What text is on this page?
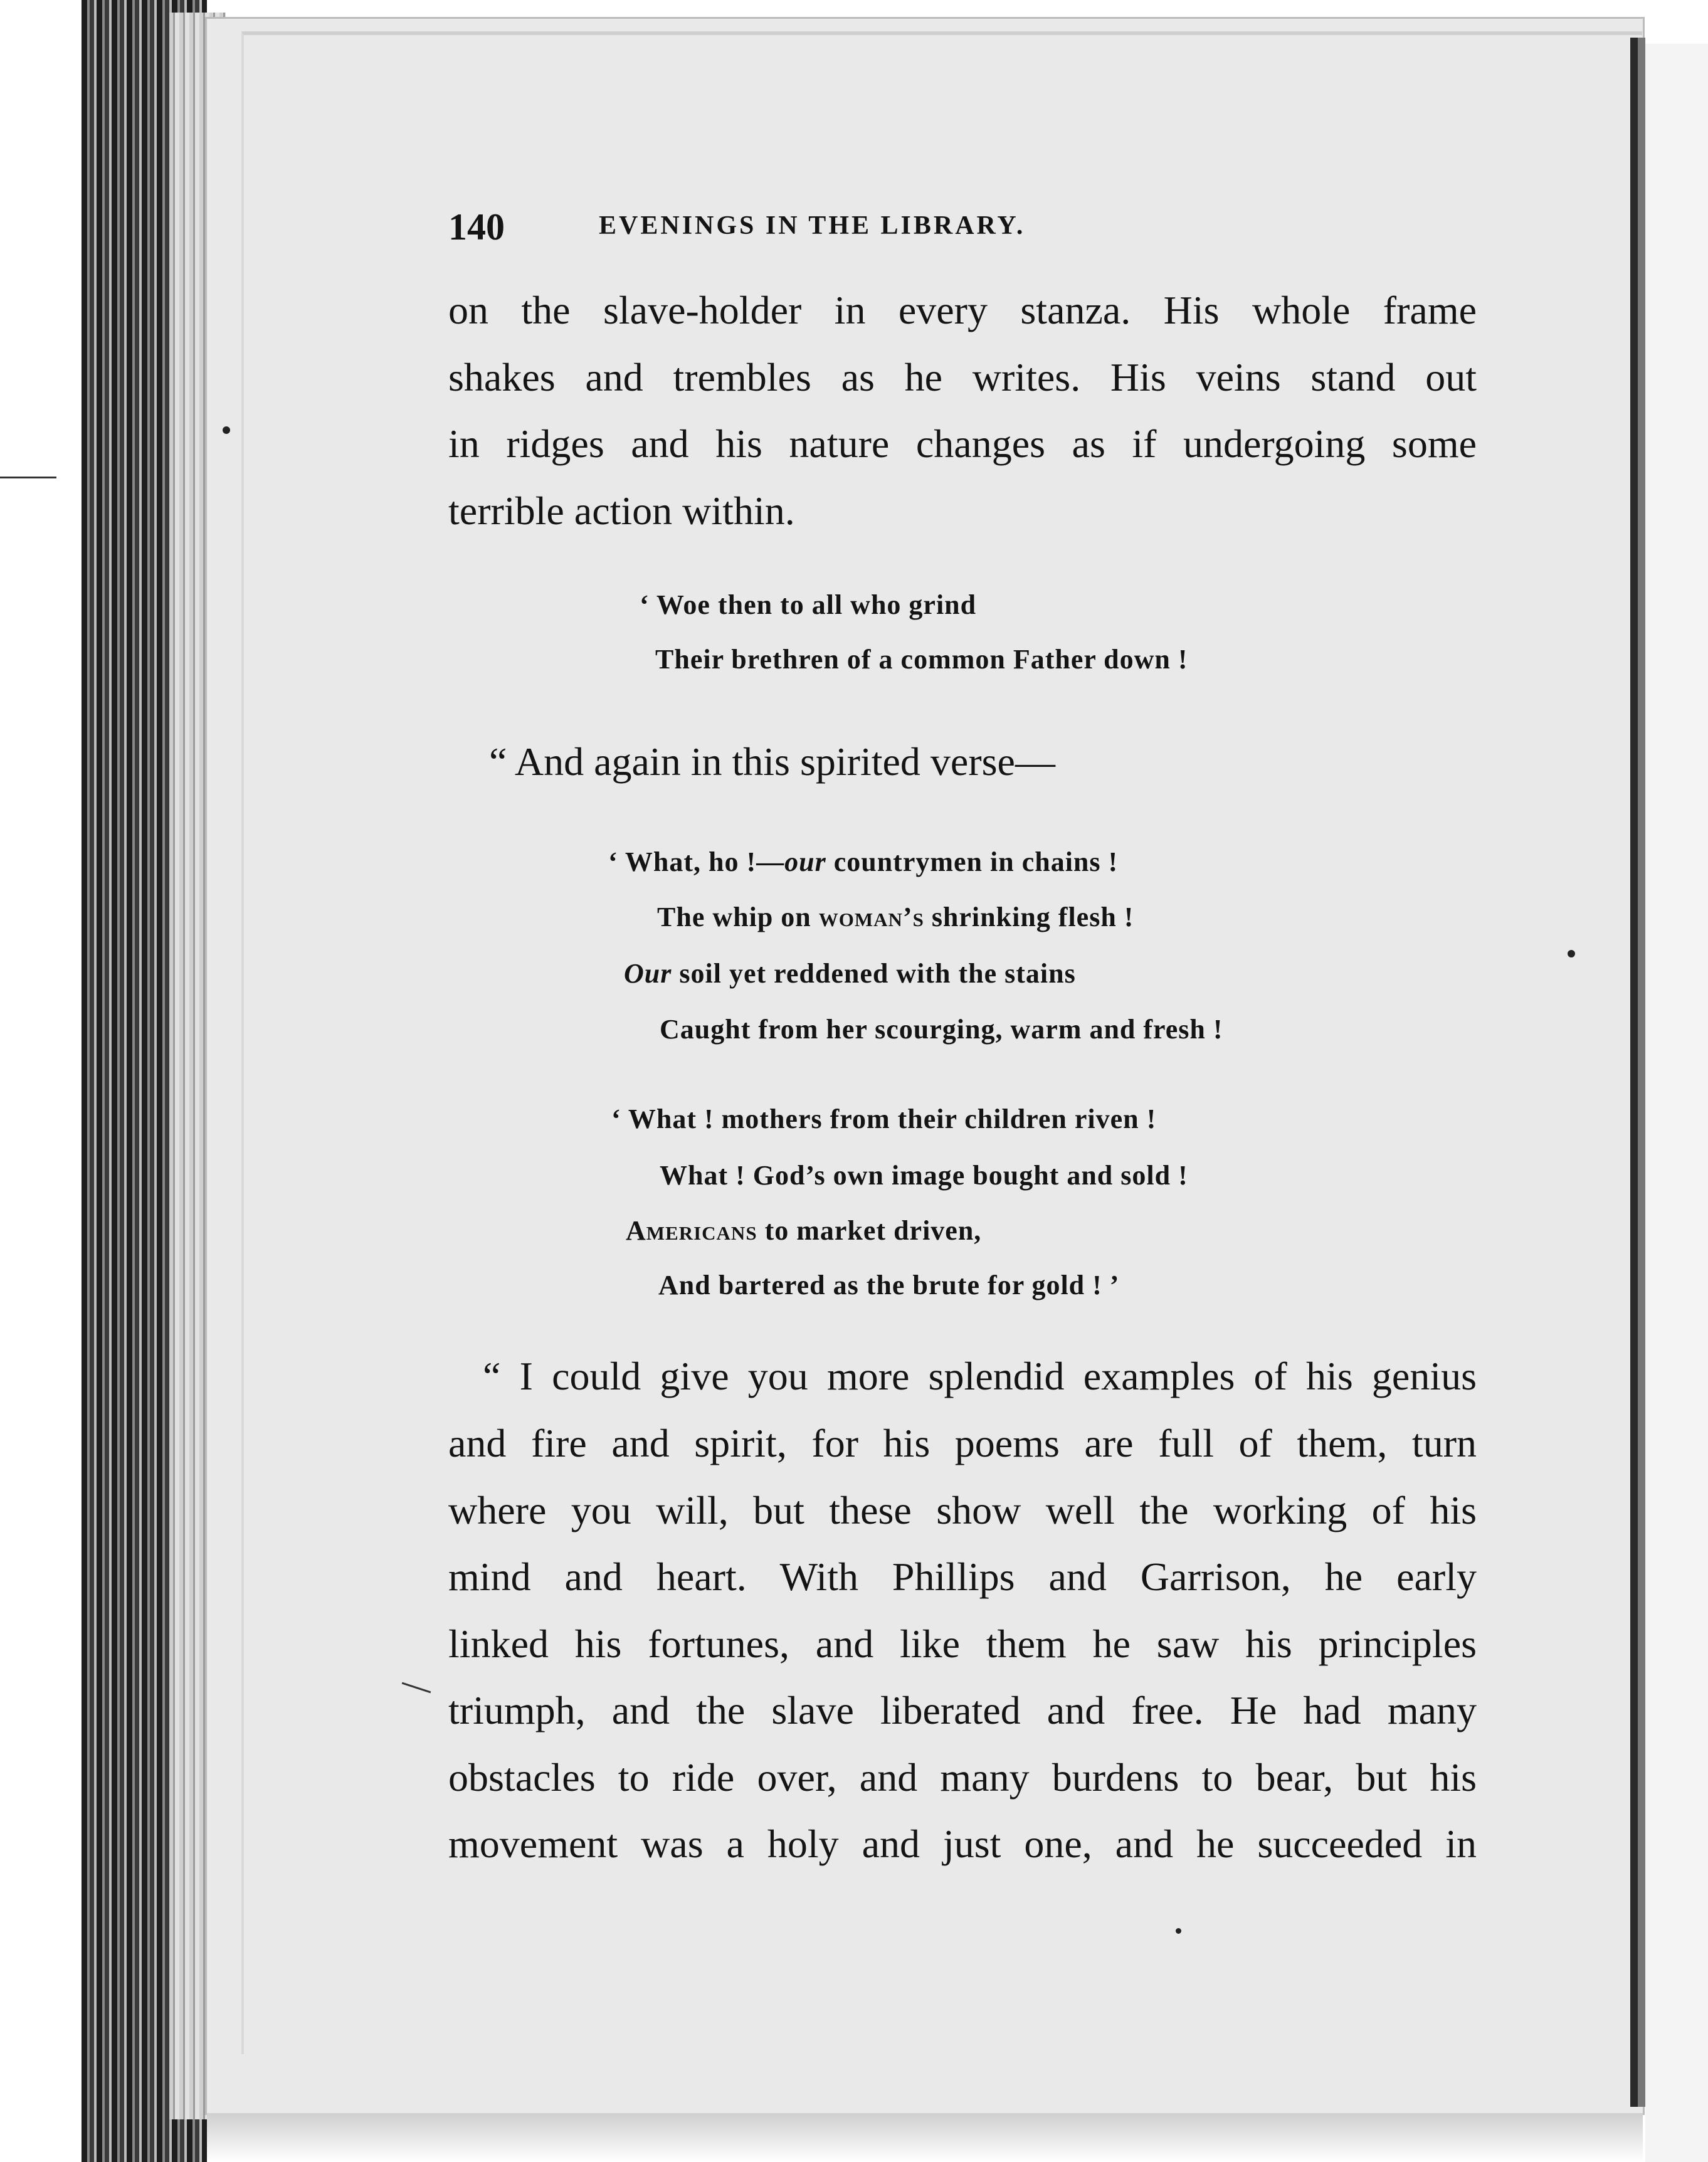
140	EVENINGS IN THE LIBRARY.
on the slave-holder in every stanza. His whole frame
shakes and trembles as he writes. His veins stand out
in ridges and his nature changes as if undergoing some
terrible action within.
‘ Woe then to all who grind
Their brethren of a common Father down !
“ And again in this spirited verse—
‘ What, ho !—our countrymen in chains !
The whip on woman’s shrinking flesh !
Our soil yet reddened with the stains
Caught from her scourging, warm and fresh !
‘ What ! mothers from their children riven !
What ! God’s own image bought and sold !
Americans to market driven,
And bartered as the brute for gold ! ’
“ I could give you more splendid examples of his genius
and fire and spirit, for his poems are full of them, turn
where you will, but these show well the working of his
mind and heart. With Phillips and Garrison, he early
linked his fortunes, and like them he saw his principles
triumph, and the slave liberated and free. He had many
obstacles to ride over, and many burdens to bear, but his
movement was a holy and just one, and he succeeded in
